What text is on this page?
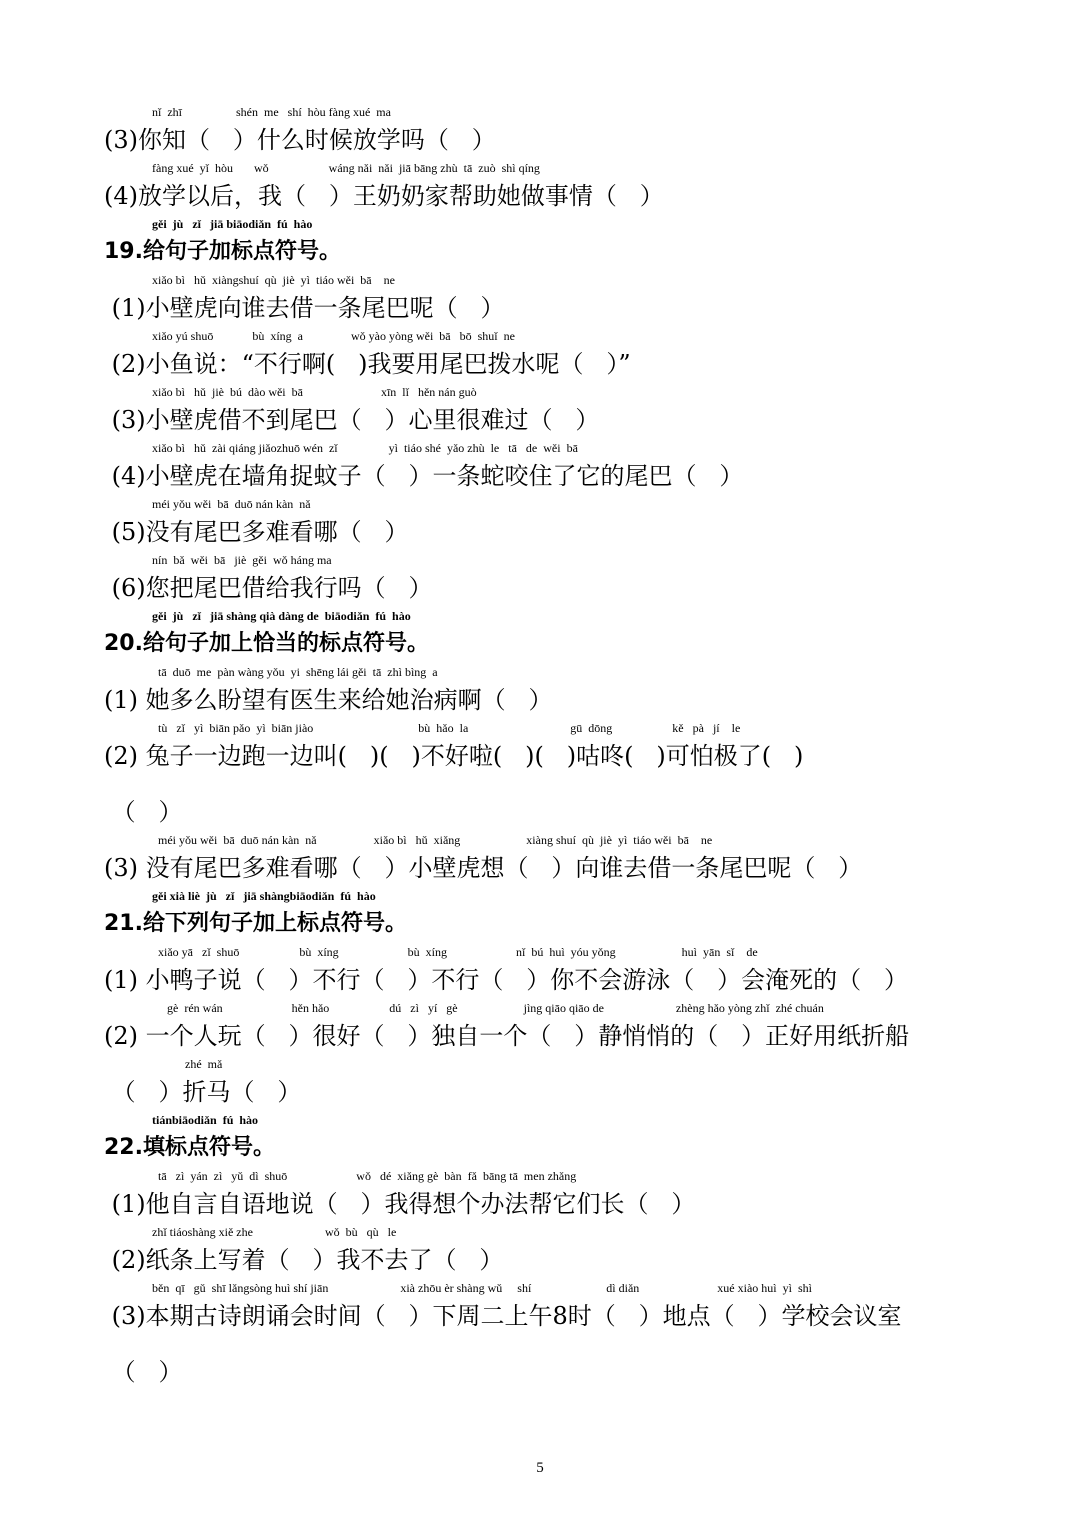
nǐ  zhī                  shén  me   shí  hòu fàng xué  ma
(3)你知（   ）什么时候放学吗（   ）
fàng xué  yǐ  hòu       wǒ                    wáng nǎi  nǎi  jiā bāng zhù  tā  zuò  shì qíng
(4)放学以后，我（   ）王奶奶家帮助她做事情（   ）
gěi  jù   zǐ   jiā biāodiǎn  fú  hào
19.给句子加标点符号。
xiǎo bì   hǔ  xiàngshuí  qù  jiè  yì  tiáo wěi  bā    ne
(1)小壁虎向谁去借一条尾巴呢（   ）
xiǎo yú shuō             bù  xíng  a                wǒ yào yòng wěi  bā   bō  shuǐ  ne
(2)小鱼说：“不行啊(   )我要用尾巴拨水呢（   ）”
xiǎo bì   hǔ  jiè  bú  dào wěi  bā                          xīn  lǐ   hěn nán guò
(3)小壁虎借不到尾巴（   ）心里很难过（   ）
xiǎo bì   hǔ  zài qiáng jiǎozhuō wén  zǐ                 yì  tiáo shé  yǎo zhù  le   tā   de  wěi  bā
(4)小壁虎在墙角捉蚊子（   ）一条蛇咬住了它的尾巴（   ）
méi yǒu wěi  bā  duō nán kàn  nǎ
(5)没有尾巴多难看哪（   ）
nín  bǎ  wěi  bā   jiè  gěi  wǒ háng ma
(6)您把尾巴借给我行吗（   ）
gěi  jù   zǐ   jiā shàng qià dàng de  biāodiǎn  fú  hào
20.给句子加上恰当的标点符号。
tā  duō  me  pàn wàng yǒu  yi  shēng lái gěi  tā  zhì bìng  a
(1) 她多么盼望有医生来给她治病啊（   ）
tù   zǐ   yì  biān pǎo  yì  biān jiào                                   bù  hǎo  la                                  gū  dōng                    kě   pà   jí    le
(2) 兔子一边跑一边叫(   )(   )不好啦(   )(   )咕咚(   )可怕极了(   )
（   ）
méi yǒu wěi  bā  duō nán kàn  nǎ                   xiǎo bì   hǔ  xiǎng                      xiàng shuí  qù  jiè  yì  tiáo wěi  bā    ne
(3) 没有尾巴多难看哪（   ）小壁虎想（   ）向谁去借一条尾巴呢（   ）
gěi xià liè  jù   zǐ   jiā shàngbiāodiǎn  fú  hào
21.给下列句子加上标点符号。
xiǎo yā   zǐ  shuō                    bù  xíng                       bù  xíng                       nǐ  bú  huì  yóu yǒng                      huì  yān  sǐ    de
(1) 小鸭子说（   ）不行（   ）不行（   ）你不会游泳（   ）会淹死的（   ）
gè  rén wán                       hěn hǎo                    dú   zì   yí   gè                      jìng qiāo qiāo de                        zhèng hǎo yòng zhǐ  zhé chuán
(2) 一个人玩（   ）很好（   ）独自一个（   ）静悄悄的（   ）正好用纸折船
zhé  mǎ
（   ）折马（   ）
tiánbiāodiǎn  fú  hào
22.填标点符号。
tā   zì  yán  zì   yǔ  dì  shuō                       wǒ   dé  xiǎng gè  bàn  fǎ  bāng tā  men zhǎng
(1)他自言自语地说（   ）我得想个办法帮它们长（   ）
zhǐ tiáoshàng xiě zhe                        wǒ  bù   qù   le
(2)纸条上写着（   ）我不去了（   ）
běn  qī   gǔ  shī lǎngsòng huì shí jiān                        xià zhōu èr shàng wǔ     shí                         dì diǎn                          xué xiào huì  yì  shì
(3)本期古诗朗诵会时间（   ）下周二上午8时（   ）地点（   ）学校会议室
（   ）
5
